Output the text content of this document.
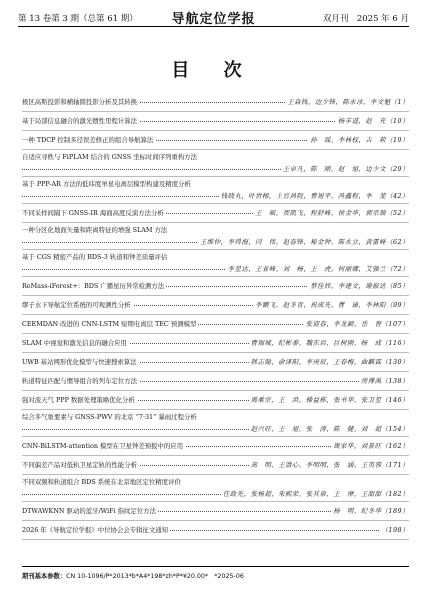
第 13 卷第 3 期（总第 61 期）	导航定位学报	双月刊　2025 年 6 月
目 次
极区高斯投影和横轴圆投影分析及其转换	王焱钱，边少锋，陈永冰，李文魁（1）
基于局部信息融合的激光惯性里程计算法	杨丰遥，赵　充（10）
一种 TDCP 控制多径误差修正的组合导航算法	孙　瑶，李林权，吉　莉（19）
自适应寻秩与 FiPLAM 结合的 GNSS 坐标时间序列重构方法
王卓凡，陈　刚，赵　旭，边少文（29）
基于 PPP-AR 方法的低纬度单星电离层模型构建及精度分析
钱晓丸，叶世榕，上官昌院，曹旭平，冯鑫程，李　斐（42）
不同采样间隔下 GNSS-IR 海面高度反演方法分析	王　硕，贺凯飞，程舒峰，侯金华，郭宗瑞（52）
一种分区化地面矢量和距离特征的增强 SLAM 方法
王维仲，李得海，闫　伟，赵春锋，秘金钟，陈永立，黄雷峰（62）
基于 CGS 精密产品的 BDS-3 轨道和钟差质量评估
李星达，王亚峰，刘　杨，王　虎，何丽娜，艾强兰（72）
ReMass-iForest+：BDS 广播星历异常检测方法	蔡佳炜，李建文，谢振达（85）
缪子水下导航定位系统的可观测性分析	李鹏飞，赵冬青，祝成先，曹　康，李林阳（99）
CEEMDAN 改进的 CNN-LSTM 短期电离层 TEC 预测模型	张迎春，李龙颖，岳　督（107）
SLAM 中视觉和激光信息的融合应用	曹瑞城，纪彬泰，魏东岩，巨树刚，杨　成（116）
UWB 基站网形优化模型与快速搜索算法	韩志翰，俞泽阳，李庚辰，王春梅，曲麒霖（130）
轨道特征匹配与惯导组合的列车定位方法	房博禹（138）
强对流天气 PPP 数据处理策略优化分析	周乘宗，王　洪，操益栋，张书华，张卫星（146）
综合多气象要素与 GNSS-PWV 的北京 “7·31” 暴雨过程分析
赵兴旺，王　旭，张　涛，陈　健，刘　超（154）
CNN-BiLSTM-attention 模型在卫星钟差预报中的应用	周家华，刘景旺（162）
不同偏差产品对低轨卫星定轨的性能分析	高　明，王潜心，李明明，张　涵，王英蓉（171）
不同双频和轨道组合 BDS 系统在北京地区定位精度评价
任政先，张杨超，朱熙荣，张其泉，王　摩，王甜甜（182）
DTWAWKNN 驱动的蓝牙/WiFi 指纹定位方法	杨　明，纪冬华（189）
2026 年《导航定位学报》中位协会会专辑征文通知	（198）
期刊基本参数：CN 10-1096/P*2013*b*A4*198*zh*P*¥20.00*　*2025-06
